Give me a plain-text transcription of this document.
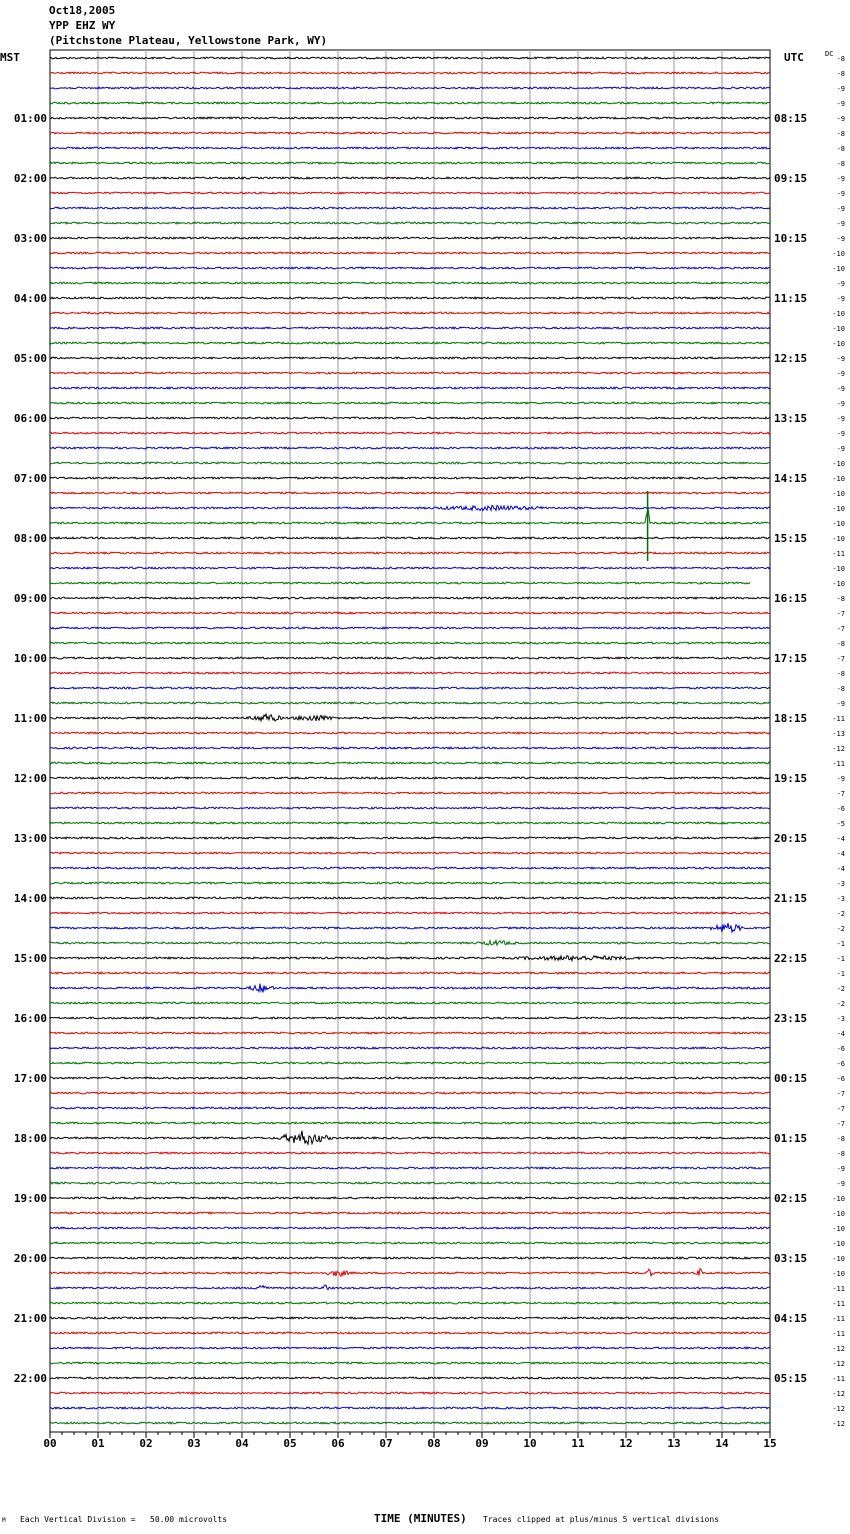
Oct18,2005
YPP EHZ WY
(Pitchstone Plateau, Yellowstone Park, WY)
00	01	02	03	04	05	06	07	08	09	10	11	12	13	14	15
-8
-8
-9
-9
-9
01:00	08:15
-8
-8
-8
-9
02:00	09:15
-9
-9
-9
-9
03:00	10:15
-10
-10
-9
-9
04:00	11:15
-10
-10
-10
-9
05:00	12:15
-9
-9
-9
-9
06:00	13:15
-9
-9
-10
-10
07:00	14:15
-10
-10
-10
-10
08:00	15:15
-11
-10
-10
-8
09:00	16:15
-7
-7
-8
-7
10:00	17:15
-8
-8
-9
-11
11:00	18:15
-13
-12
-11
-9
12:00	19:15
-7
-6
-5
-4
13:00	20:15
-4
-4
-3
-3
14:00	21:15
-2
-2
-1
-1
15:00	22:15
-1
-2
-2
-3
16:00	23:15
-4
-6
-6
-6
17:00	00:15
-7
-7
-7
-8
18:00	01:15
-8
-9
-9
-10
19:00	02:15
-10
-10
-10
-10
20:00	03:15
-10
-11
-11
-11
21:00	04:15
-11
-12
-12
-11
22:00	05:15
-12
-12
-12
MST	UTC	DC
Each Vertical Division =   50.00 microvolts	TIME (MINUTES) Traces clipped at plus/minus 5 vertical divisions
M
